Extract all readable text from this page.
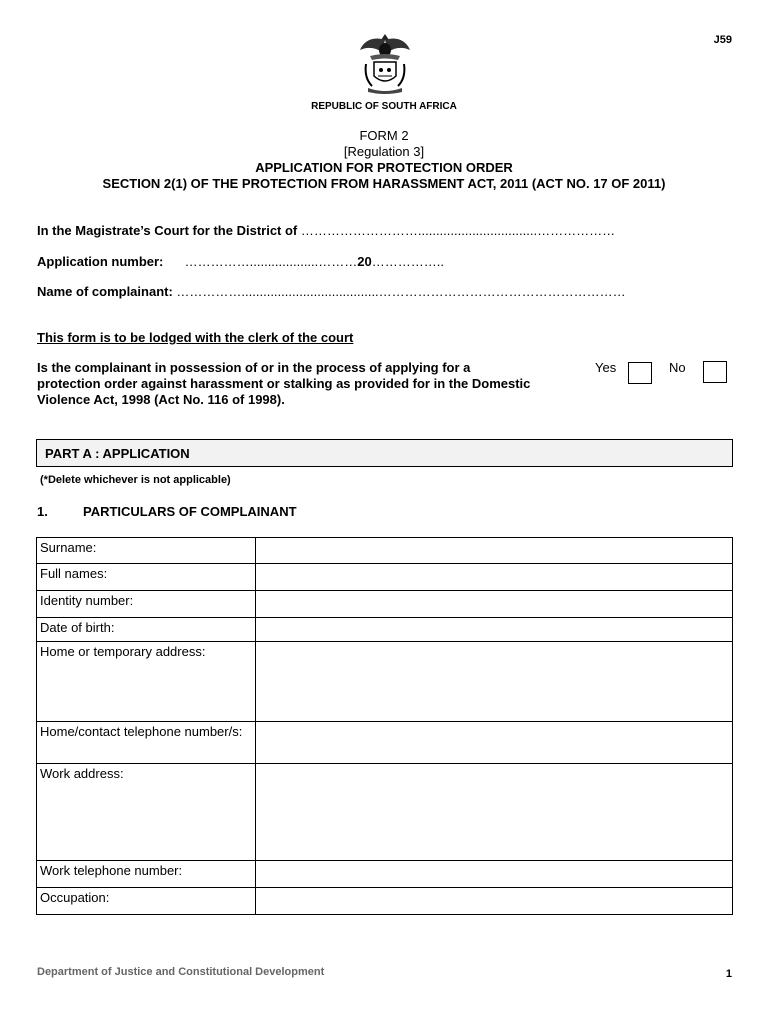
J59
REPUBLIC OF SOUTH AFRICA
FORM 2
[Regulation 3]
APPLICATION FOR PROTECTION ORDER
SECTION 2(1) OF THE PROTECTION FROM HARASSMENT ACT, 2011 (ACT NO. 17 OF 2011)
In the Magistrate’s Court for the District of ……………………….................................………………
Application number: ……………...................………20……………..
Name of complainant: ……………......................................…………………………………………………
This form is to be lodged with the clerk of the court
Is the complainant in possession of or in the process of applying for a protection order against harassment or stalking as provided for in the Domestic Violence Act, 1998 (Act No. 116 of 1998).
Yes	No
PART A : APPLICATION
(*Delete whichever is not applicable)
1.	PARTICULARS OF COMPLAINANT
Surname:	
Full names:	
Identity number:	
Date of birth:	
Home or temporary address:	
Home/contact telephone number/s:	
Work address:	
Work telephone number:	
Occupation:	
Department of Justice and Constitutional Development	1
